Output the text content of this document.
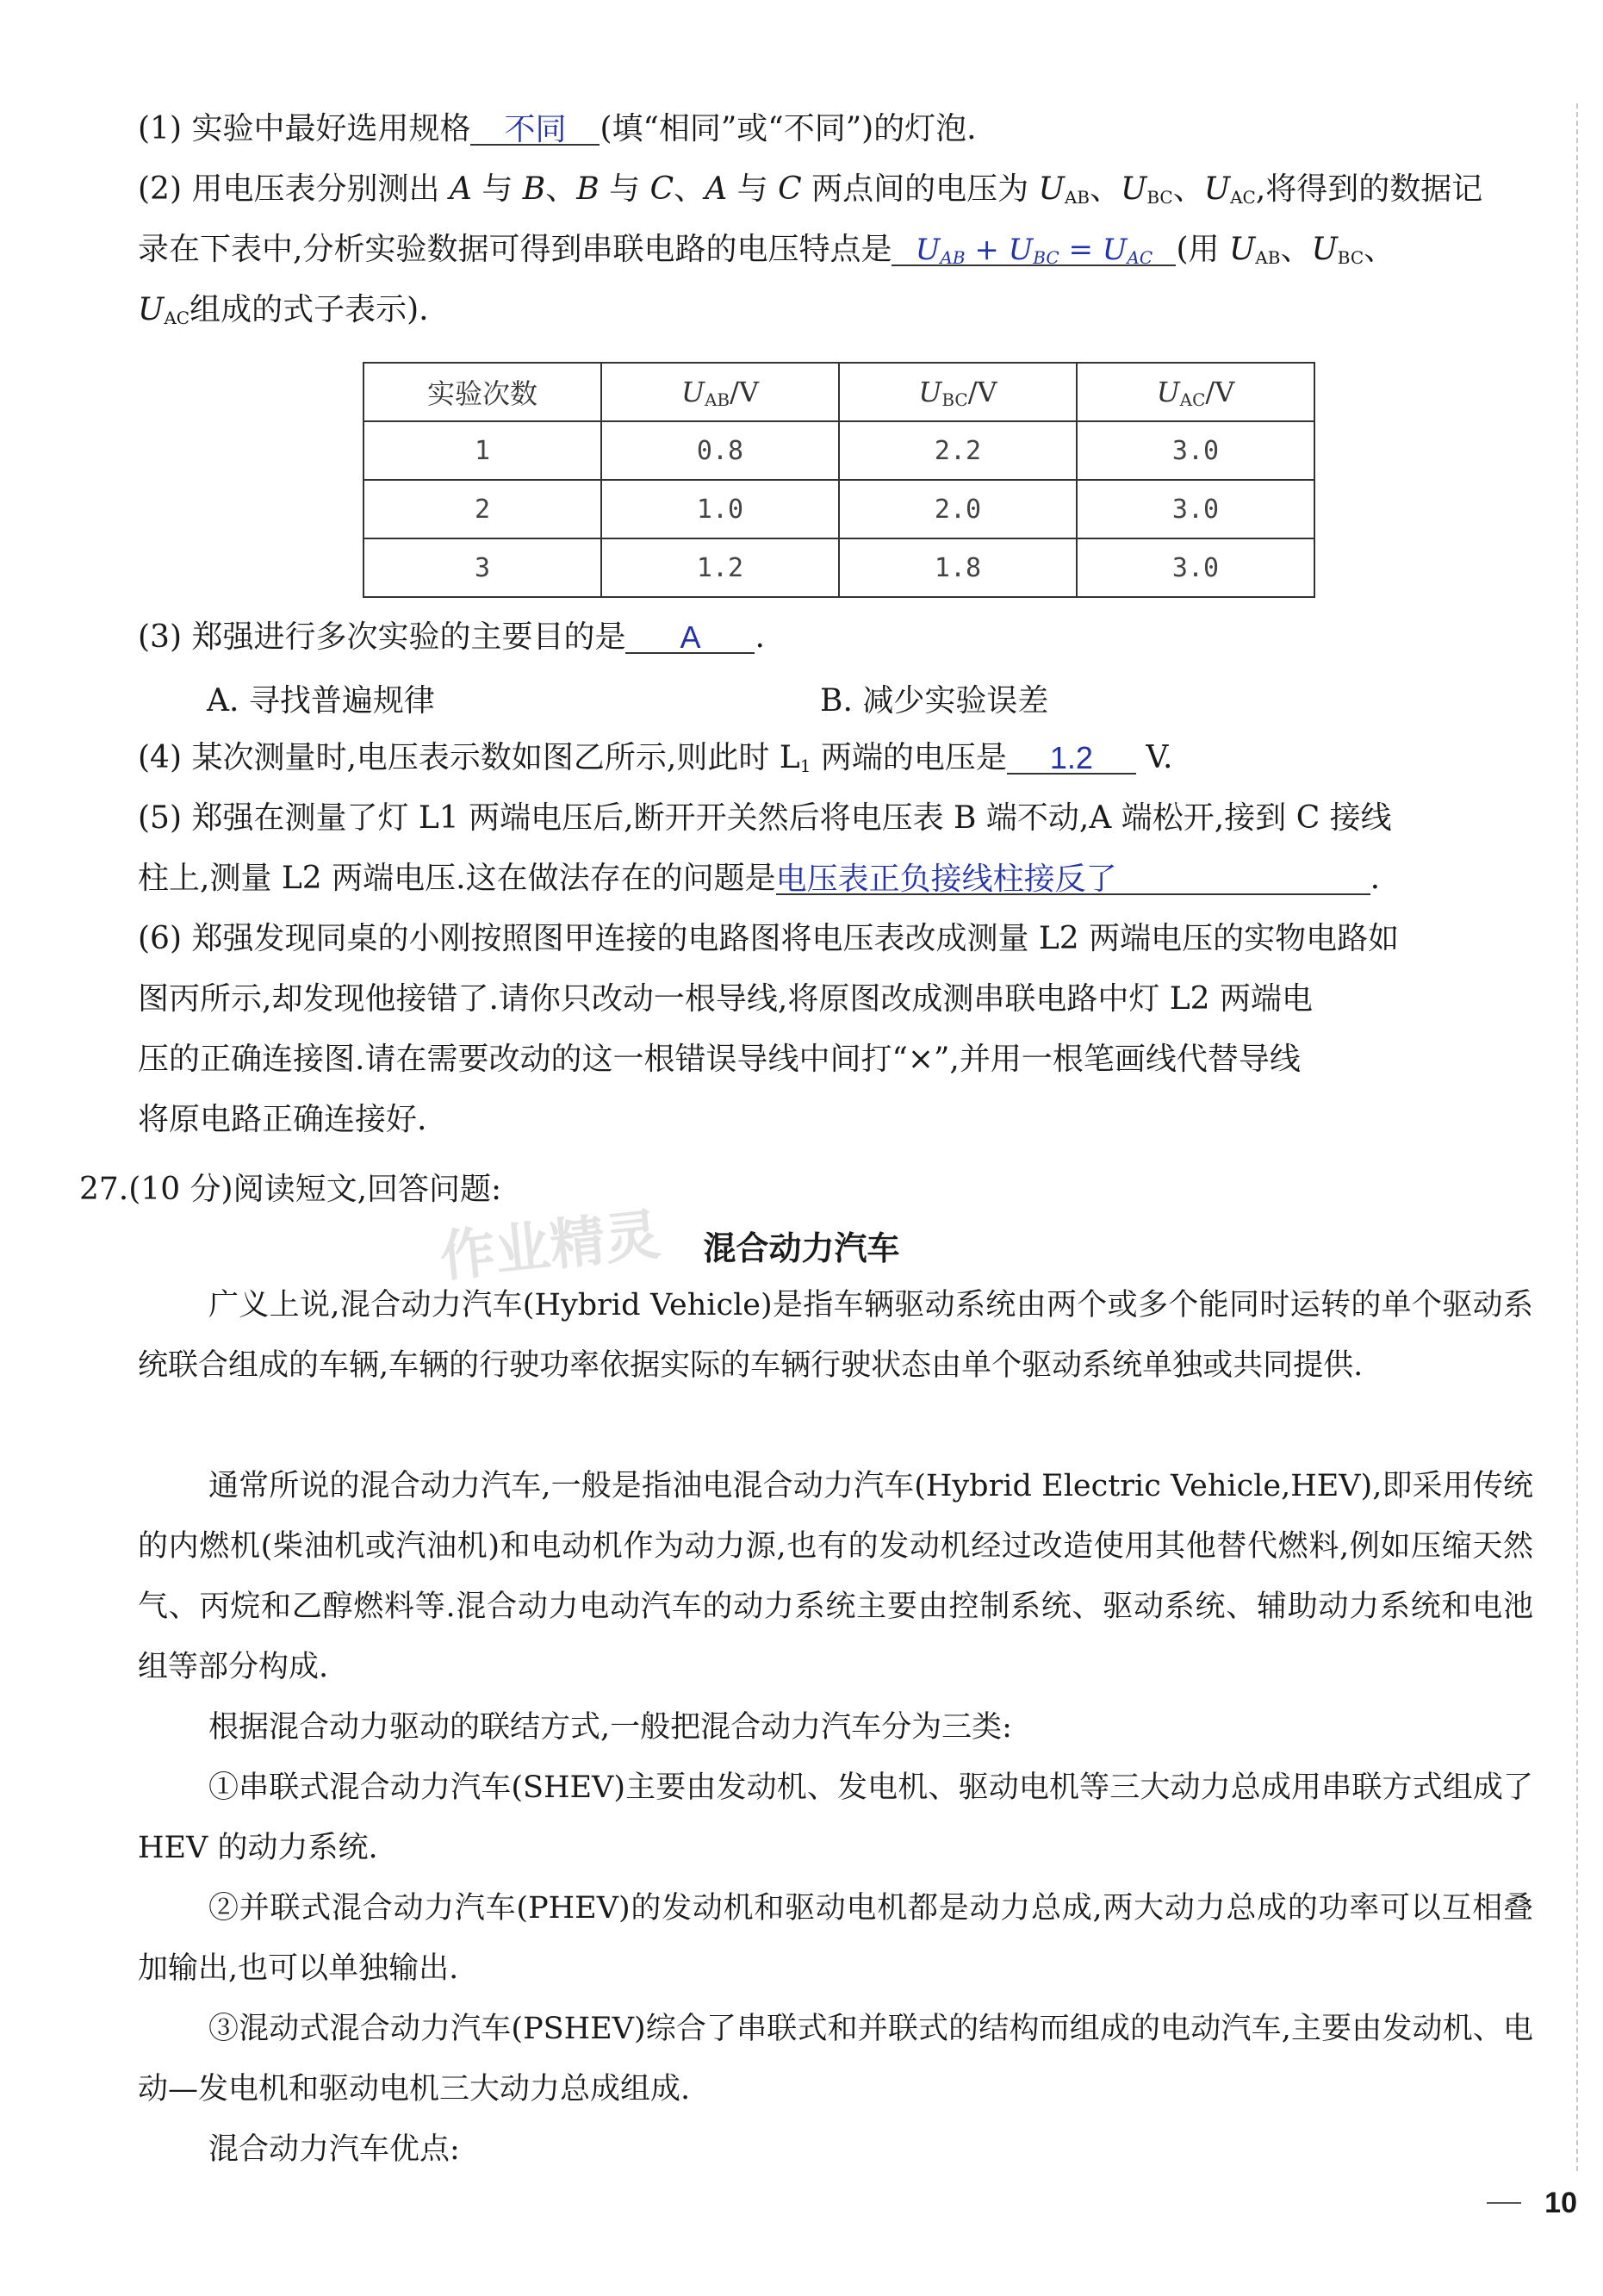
(1) 实验中最好选用规格	不同	(填“相同”或“不同”)的灯泡.
(2) 用电压表分别测出 A 与 B、B 与 C、A 与 C 两点间的电压为 $U_{AB}$、$U_{BC}$、$U_{AC}$,将得到的数据记
录在下表中,分析实验数据可得到串联电路的电压特点是 $U_{AB} + U_{BC} = U_{AC}$ (用 $U_{AB}$、$U_{BC}$、
$U_{AC}$组成的式子表示).
实验次数	$U_{AB}/V$	$U_{BC}/V$	$U_{AC}/V$
1	0.8	2.2	3.0
2	1.0	2.0	3.0
3	1.2	1.8	3.0
(3) 郑强进行多次实验的主要目的是	A	.
A. 寻找普遍规律	B. 减少实验误差
(4) 某次测量时,电压表示数如图乙所示,则此时 $L_1$ 两端的电压是	1.2	V.
(5) 郑强在测量了灯 L1 两端电压后,断开开关然后将电压表 B 端不动,A 端松开,接到 C 接线
柱上,测量 L2 两端电压.这在做法存在的问题是 电压表正负接线柱接反了	.
(6) 郑强发现同桌的小刚按照图甲连接的电路图将电压表改成测量 L2 两端电压的实物电路如
图丙所示,却发现他接错了.请你只改动一根导线,将原图改成测串联电路中灯 L2 两端电
压的正确连接图.请在需要改动的这一根错误导线中间打“×”,并用一根笔画线代替导线
将原电路正确连接好.
27.(10 分)阅读短文,回答问题:
作业精灵	混合动力汽车
广义上说,混合动力汽车(Hybrid Vehicle)是指车辆驱动系统由两个或多个能同时运转的单个驱动系统联合组成的车辆,车辆的行驶功率依据实际的车辆行驶状态由单个驱动系统单独或共同提供.
通常所说的混合动力汽车,一般是指油电混合动力汽车(Hybrid Electric Vehicle,HEV),即采用传统的内燃机(柴油机或汽油机)和电动机作为动力源,也有的发动机经过改造使用其他替代燃料,例如压缩天然气、丙烷和乙醇燃料等.混合动力电动汽车的动力系统主要由控制系统、驱动系统、辅助动力系统和电池组等部分构成.
根据混合动力驱动的联结方式,一般把混合动力汽车分为三类:
①串联式混合动力汽车(SHEV)主要由发动机、发电机、驱动电机等三大动力总成用串联方式组成了 HEV 的动力系统.
②并联式混合动力汽车(PHEV)的发动机和驱动电机都是动力总成,两大动力总成的功率可以互相叠加输出,也可以单独输出.
③混动式混合动力汽车(PSHEV)综合了串联式和并联式的结构而组成的电动汽车,主要由发动机、电动—发电机和驱动电机三大动力总成组成.
混合动力汽车优点:
10
